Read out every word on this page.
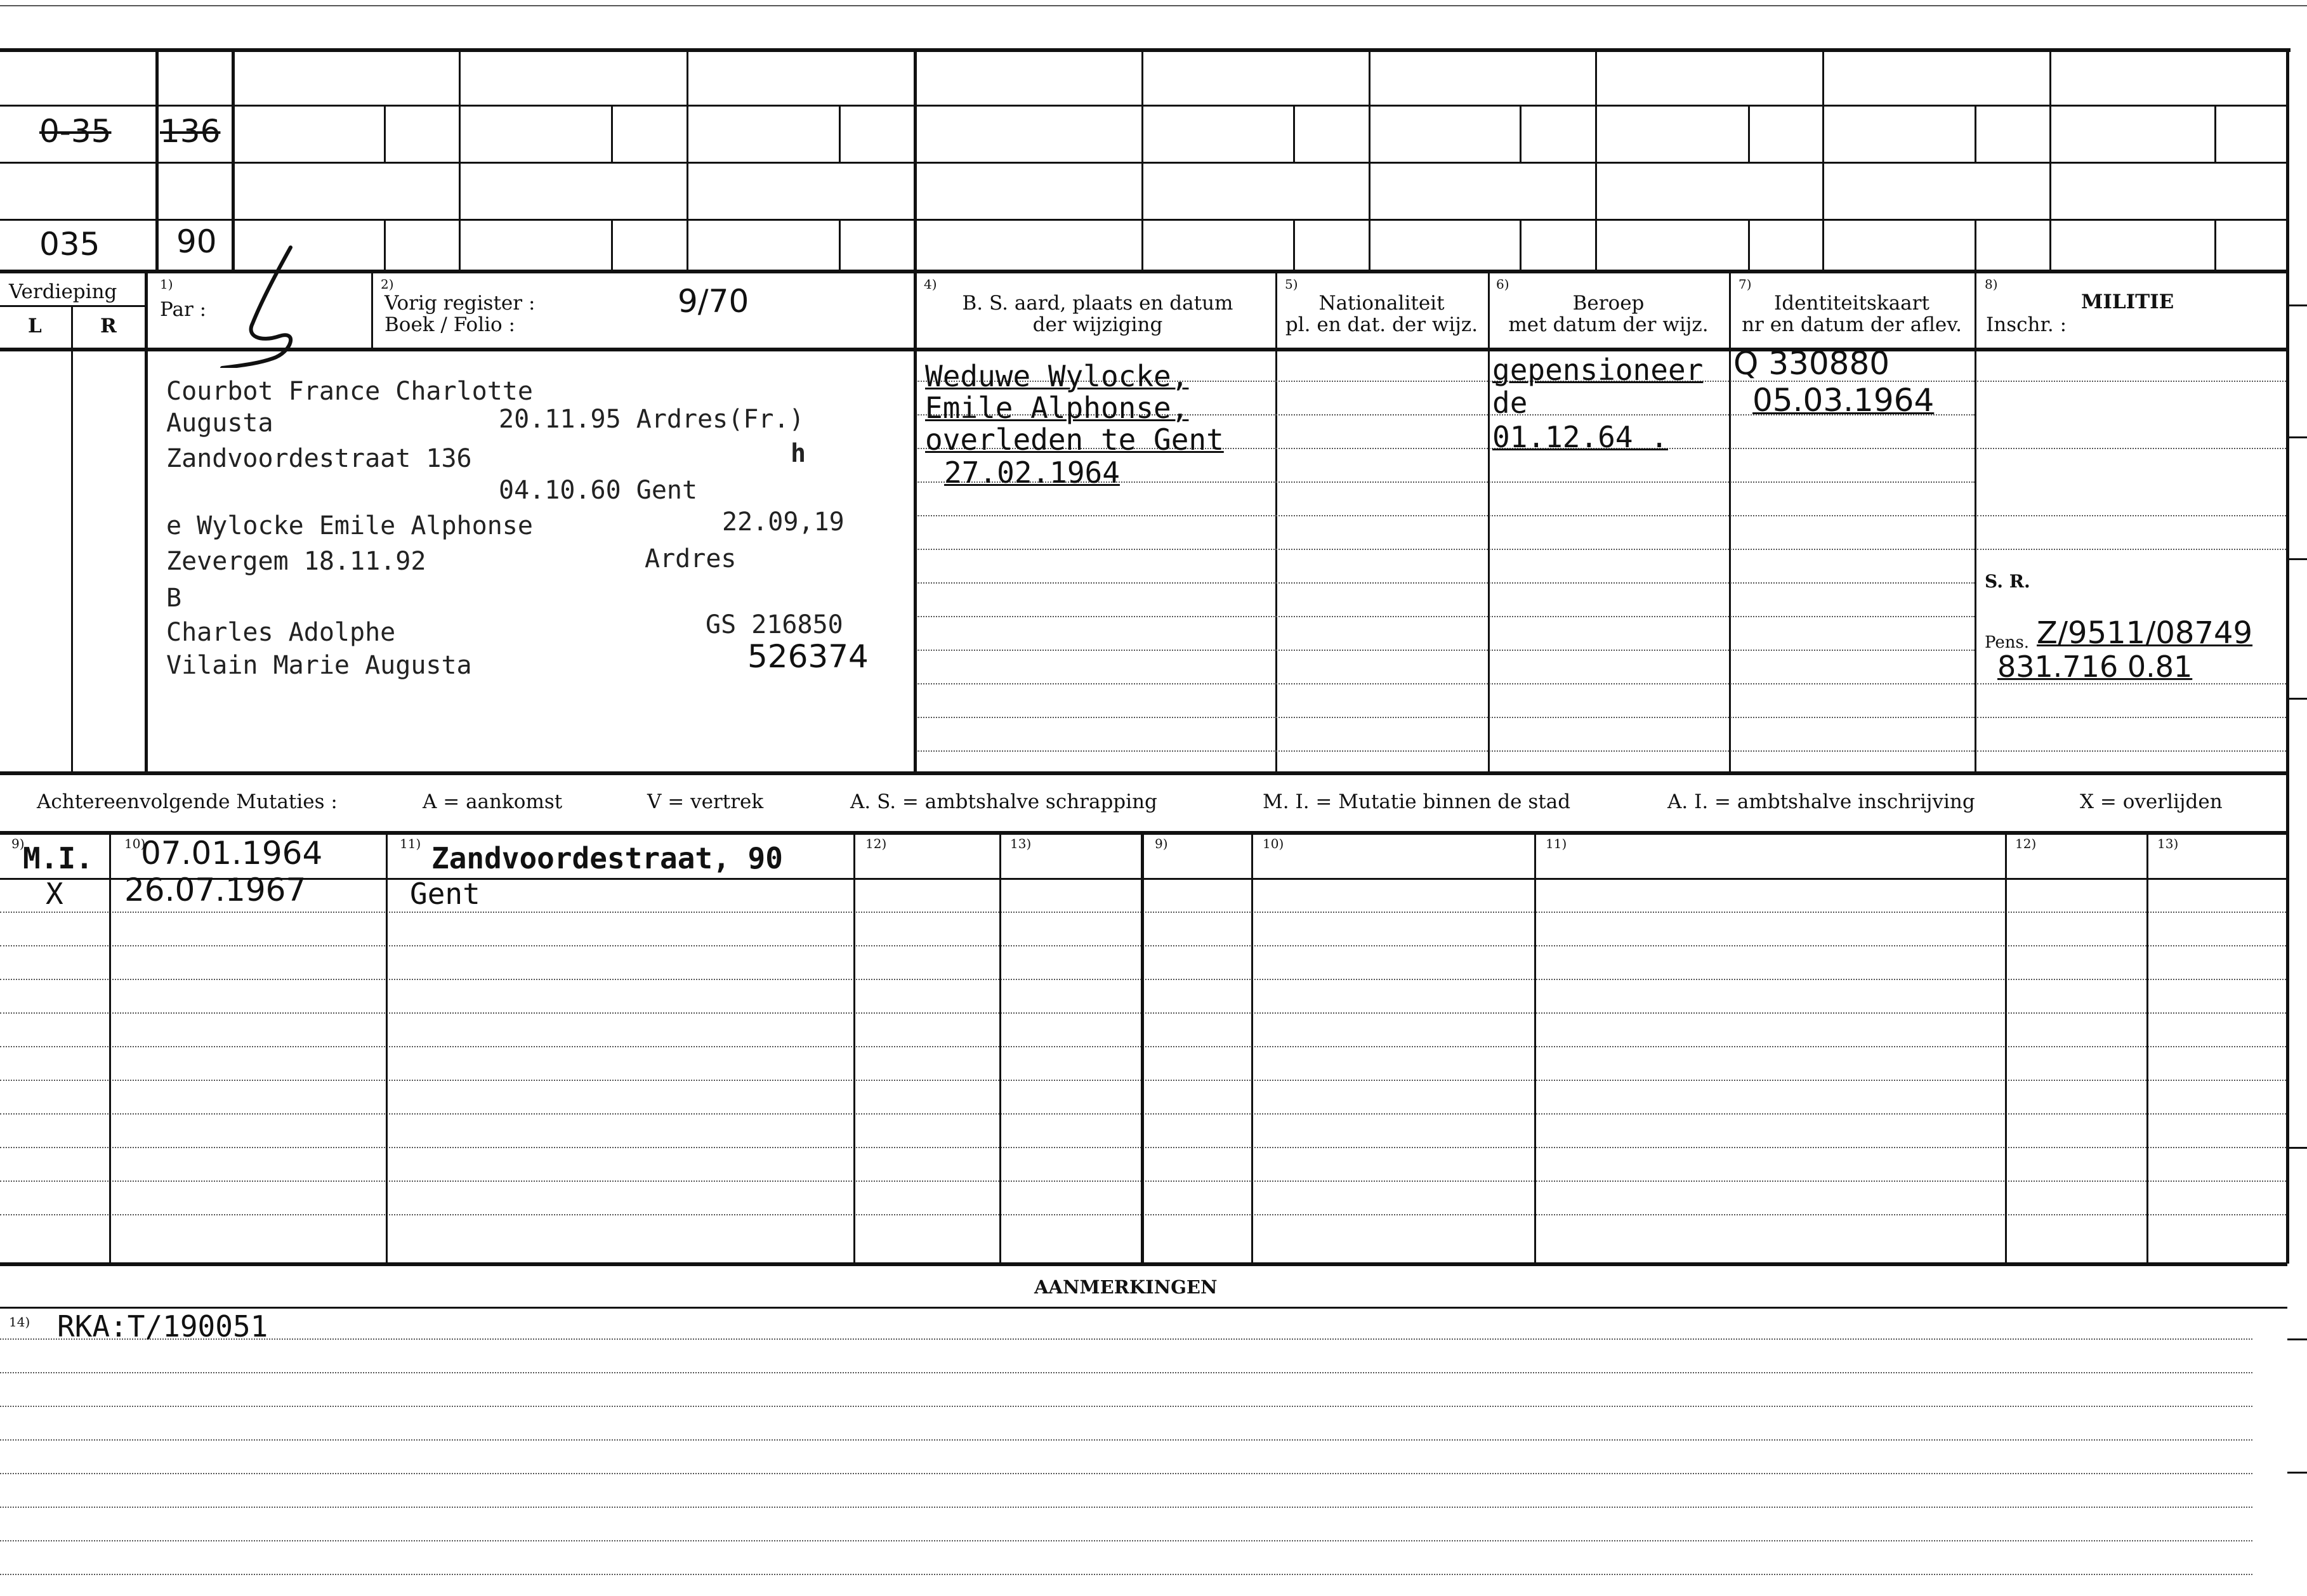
0-35 136
035 90
Verdieping
L	R
1)
Par :
2)
Vorig register :
Boek / Folio :
9/70	4)
B. S. aard, plaats en datum
der wijziging
5)
Nationaliteit
pl. en dat. der wijz.
6)
Beroep
met datum der wijz.
7)
Identiteitskaart
nr en datum der aflev.
8)
MILITIE
Inschr. :
Courbot France Charlotte
Augusta	20.11.95 Ardres(Fr.)
Zandvoordestraat 136	h
04.10.60 Gent
e Wylocke Emile Alphonse	22.09,19
Zevergem 18.11.92	Ardres
B
Charles Adolphe	GS 216850
Vilain Marie Augusta	526374
Weduwe Wylocke,
Emile Alphonse,
overleden te Gent
27.02.1964
gepensioneer
de
01.12.64 .
Q 330880
05.03.1964
S. R.
Pens. Z/9511/08749
831.716 0.81
Achtereenvolgende Mutaties :	A = aankomst	V = vertrek	A. S. = ambtshalve schrapping	M. I. = Mutatie binnen de stad	A. I. = ambtshalve inschrijving	X = overlijden
9)	10)	11)	12)	13)	9)	10)	11)	12)	13)
M.I. 07.01.1964	Zandvoordestraat, 90
X 26.07.1967	Gent
AANMERKINGEN
14) RKA:T/190051
